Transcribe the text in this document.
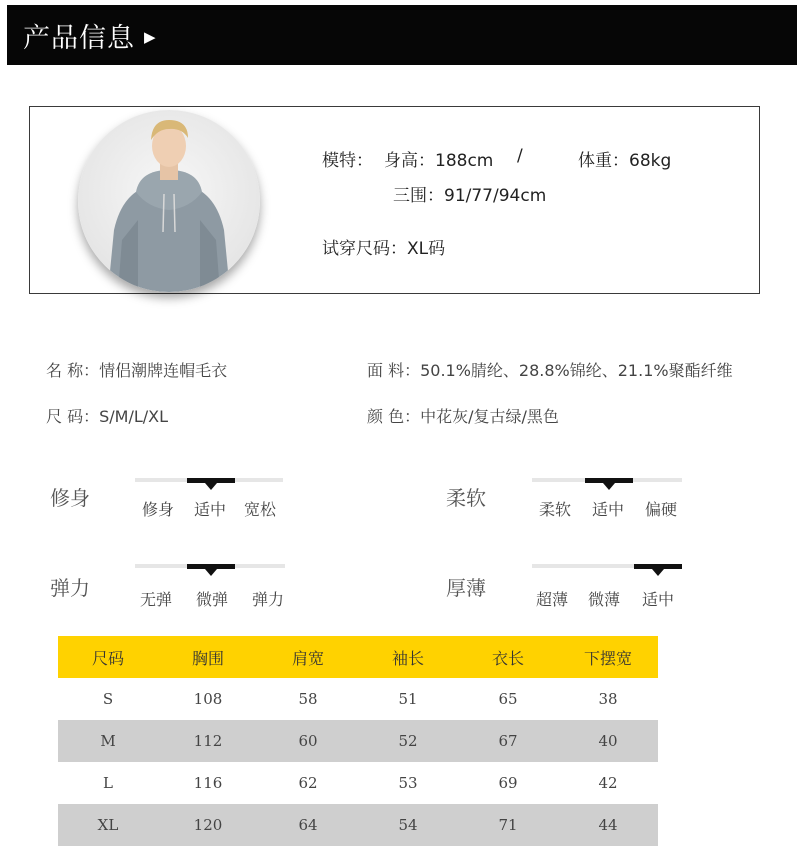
产品信息 ▶
模特： 身高：188cm /	体重：68kg
三围：91/77/94cm
试穿尺码：XL码
名 称：情侣潮牌连帽毛衣	面 料：50.1%腈纶、28.8%锦纶、21.1%聚酯纤维
尺 码：S/M/L/XL	颜 色：中花灰/复古绿/黑色
修身	修身 适中 宽松	柔软	柔软 适中 偏硬
弹力	无弹 微弹 弹力	厚薄	超薄 微薄 适中
尺码	胸围	肩宽	袖长	衣长	下摆宽
S	108	58	51	65	38
M	112	60	52	67	40
L	116	62	53	69	42
XL	120	64	54	71	44
